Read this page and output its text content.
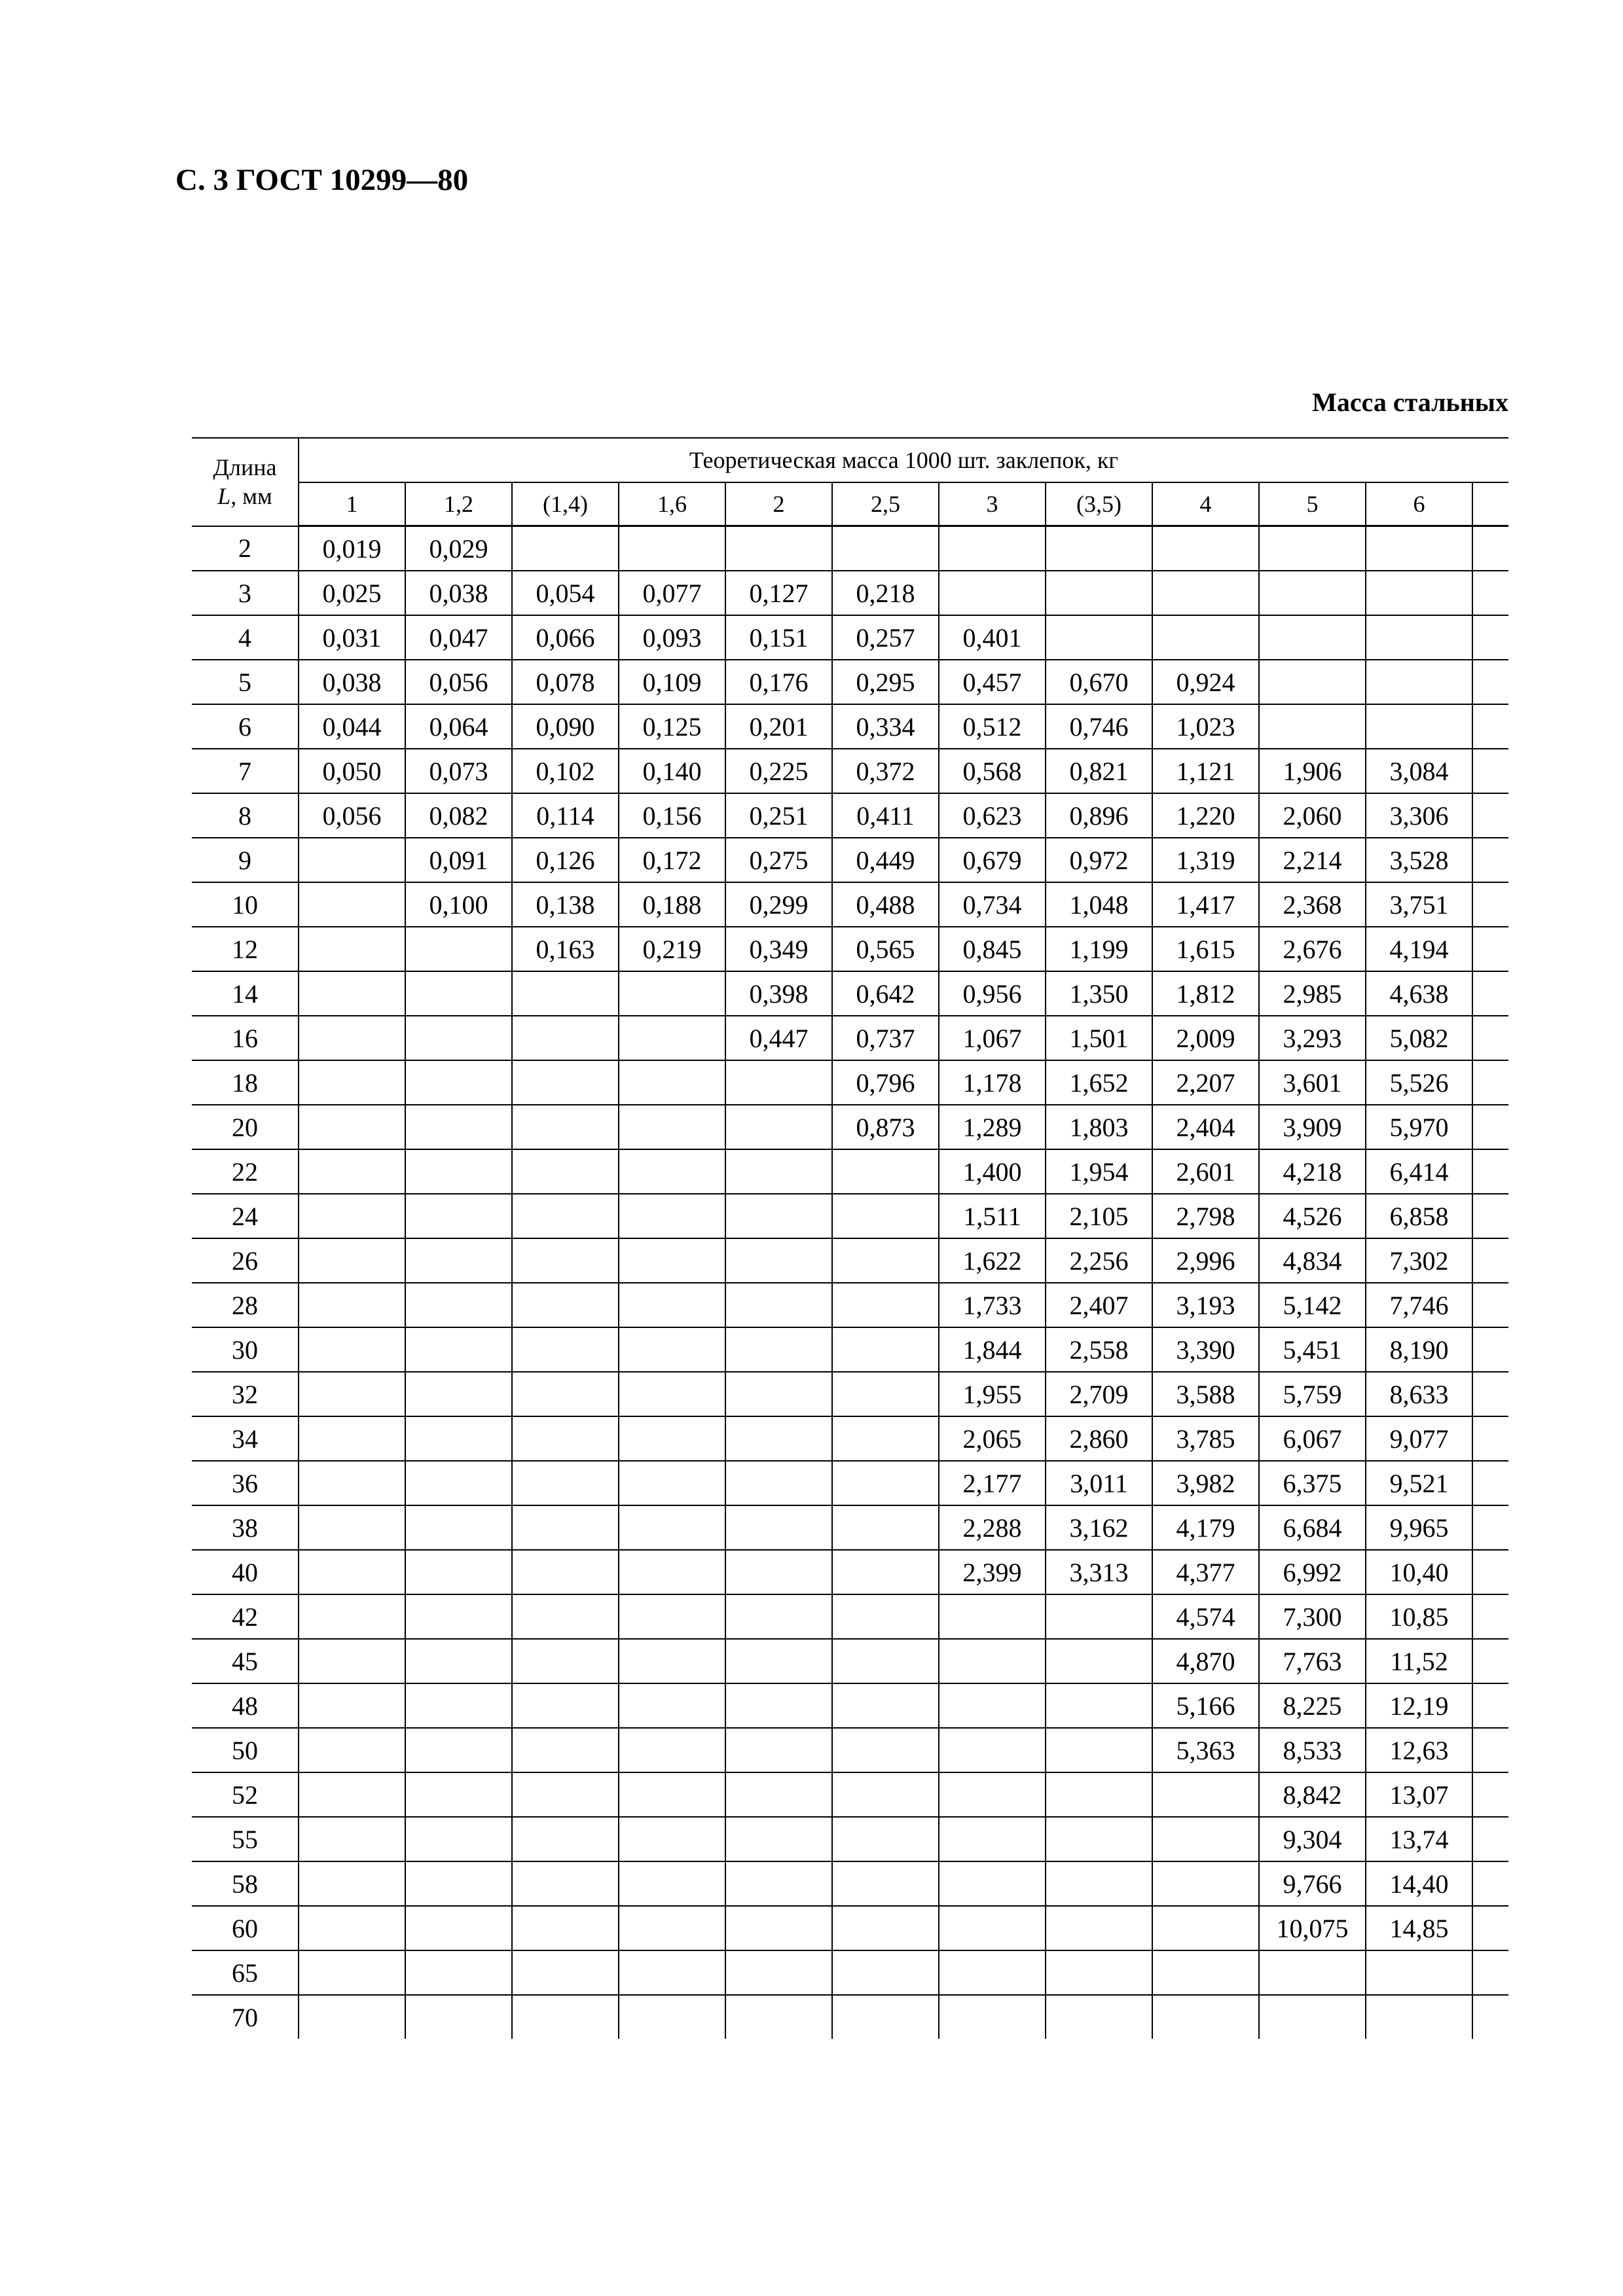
С. 3 ГОСТ 10299—80
Масса стальных
Длина
L, мм	Теоретическая масса 1000 шт. заклепок, кг											
	1	1,2	(1,4)	1,6	2	2,5	3	(3,5)	4	5	6	
2	0,019	0,029										
3	0,025	0,038	0,054	0,077	0,127	0,218						
4	0,031	0,047	0,066	0,093	0,151	0,257	0,401					
5	0,038	0,056	0,078	0,109	0,176	0,295	0,457	0,670	0,924			
6	0,044	0,064	0,090	0,125	0,201	0,334	0,512	0,746	1,023			
7	0,050	0,073	0,102	0,140	0,225	0,372	0,568	0,821	1,121	1,906	3,084	
8	0,056	0,082	0,114	0,156	0,251	0,411	0,623	0,896	1,220	2,060	3,306	
9		0,091	0,126	0,172	0,275	0,449	0,679	0,972	1,319	2,214	3,528	
10		0,100	0,138	0,188	0,299	0,488	0,734	1,048	1,417	2,368	3,751	
12			0,163	0,219	0,349	0,565	0,845	1,199	1,615	2,676	4,194	
14					0,398	0,642	0,956	1,350	1,812	2,985	4,638	
16					0,447	0,737	1,067	1,501	2,009	3,293	5,082	
18						0,796	1,178	1,652	2,207	3,601	5,526	
20						0,873	1,289	1,803	2,404	3,909	5,970	
22							1,400	1,954	2,601	4,218	6,414	
24							1,511	2,105	2,798	4,526	6,858	
26							1,622	2,256	2,996	4,834	7,302	
28							1,733	2,407	3,193	5,142	7,746	
30							1,844	2,558	3,390	5,451	8,190	
32							1,955	2,709	3,588	5,759	8,633	
34							2,065	2,860	3,785	6,067	9,077	
36							2,177	3,011	3,982	6,375	9,521	
38							2,288	3,162	4,179	6,684	9,965	
40							2,399	3,313	4,377	6,992	10,40	
42									4,574	7,300	10,85	
45									4,870	7,763	11,52	
48									5,166	8,225	12,19	
50									5,363	8,533	12,63	
52										8,842	13,07	
55										9,304	13,74	
58										9,766	14,40	
60										10,075	14,85	
65												
70												
